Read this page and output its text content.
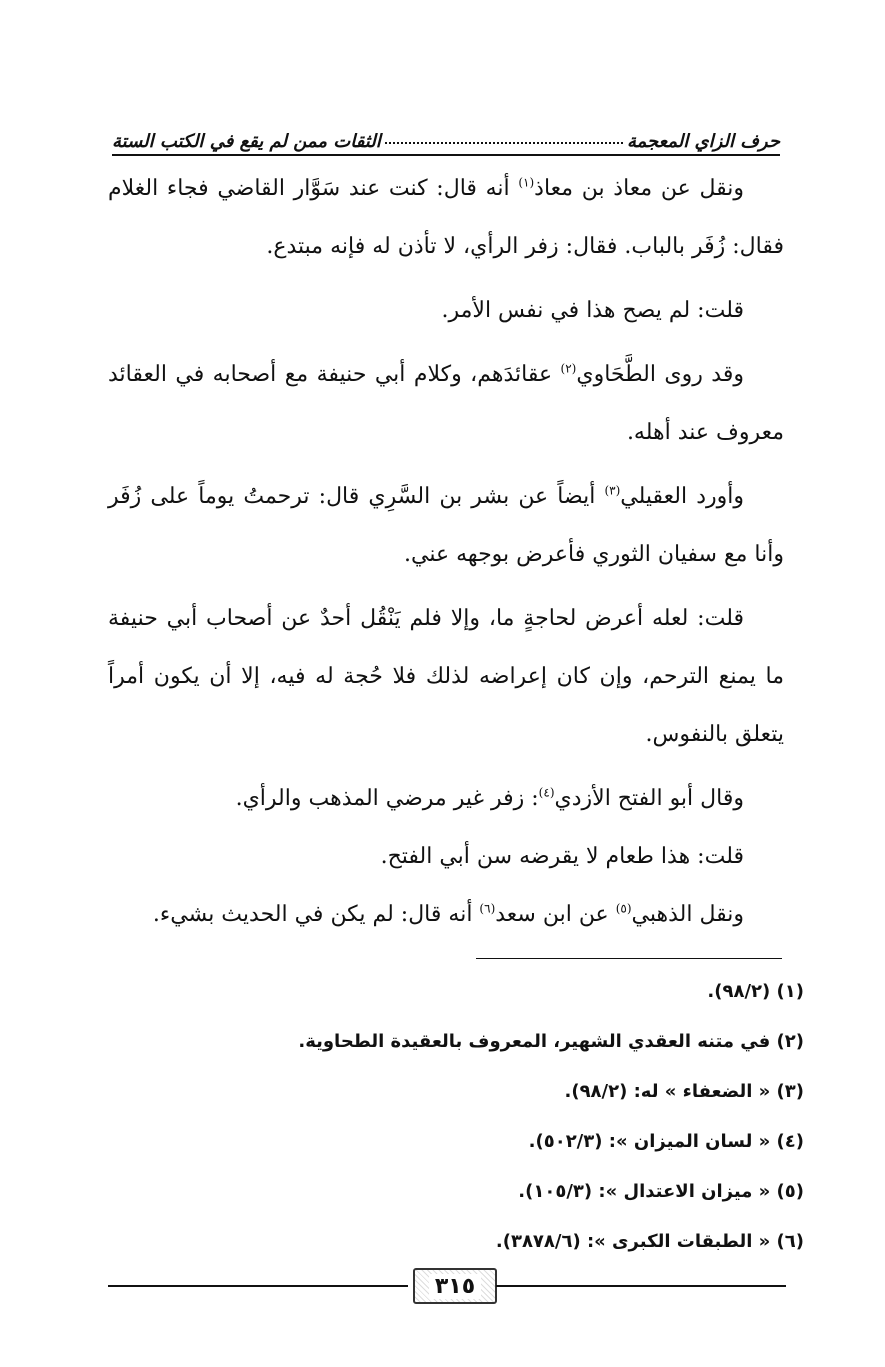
حرف الزاي المعجمة
الثقات ممن لم يقع في الكتب الستة

ونقل عن معاذ بن معاذ$^{(١)}$ أنه قال: كنت عند سَوَّار القاضي فجاء الغلام فقال: زُفَر بالباب. فقال: زفر الرأي، لا تأذن له فإنه مبتدع.

قلت: لم يصح هذا في نفس الأمر.

وقد روى الطَّحَاوي$^{(٢)}$ عقائدَهم، وكلام أبي حنيفة مع أصحابه في العقائد معروف عند أهله.

وأورد العقيلي$^{(٣)}$ أيضاً عن بشر بن السَّرِي قال: ترحمتُ يوماً على زُفَر وأنا مع سفيان الثوري فأعرض بوجهه عني.

قلت: لعله أعرض لحاجةٍ ما، وإلا فلم يَنْقُل أحدٌ عن أصحاب أبي حنيفة ما يمنع الترحم، وإن كان إعراضه لذلك فلا حُجة له فيه، إلا أن يكون أمراً يتعلق بالنفوس.

وقال أبو الفتح الأزدي$^{(٤)}$: زفر غير مرضي المذهب والرأي.

قلت: هذا طعام لا يقرضه سن أبي الفتح.

ونقل الذهبي$^{(٥)}$ عن ابن سعد$^{(٦)}$ أنه قال: لم يكن في الحديث بشيء.

(١) (٩٨/٢).
(٢) في متنه العقدي الشهير، المعروف بالعقيدة الطحاوية.
(٣) « الضعفاء » له: (٩٨/٢).
(٤) « لسان الميزان »: (٥٠٢/٣).
(٥) « ميزان الاعتدال »: (١٠٥/٣).
(٦) « الطبقات الكبرى »: (٣٨٧٨/٦).
٣١٥
